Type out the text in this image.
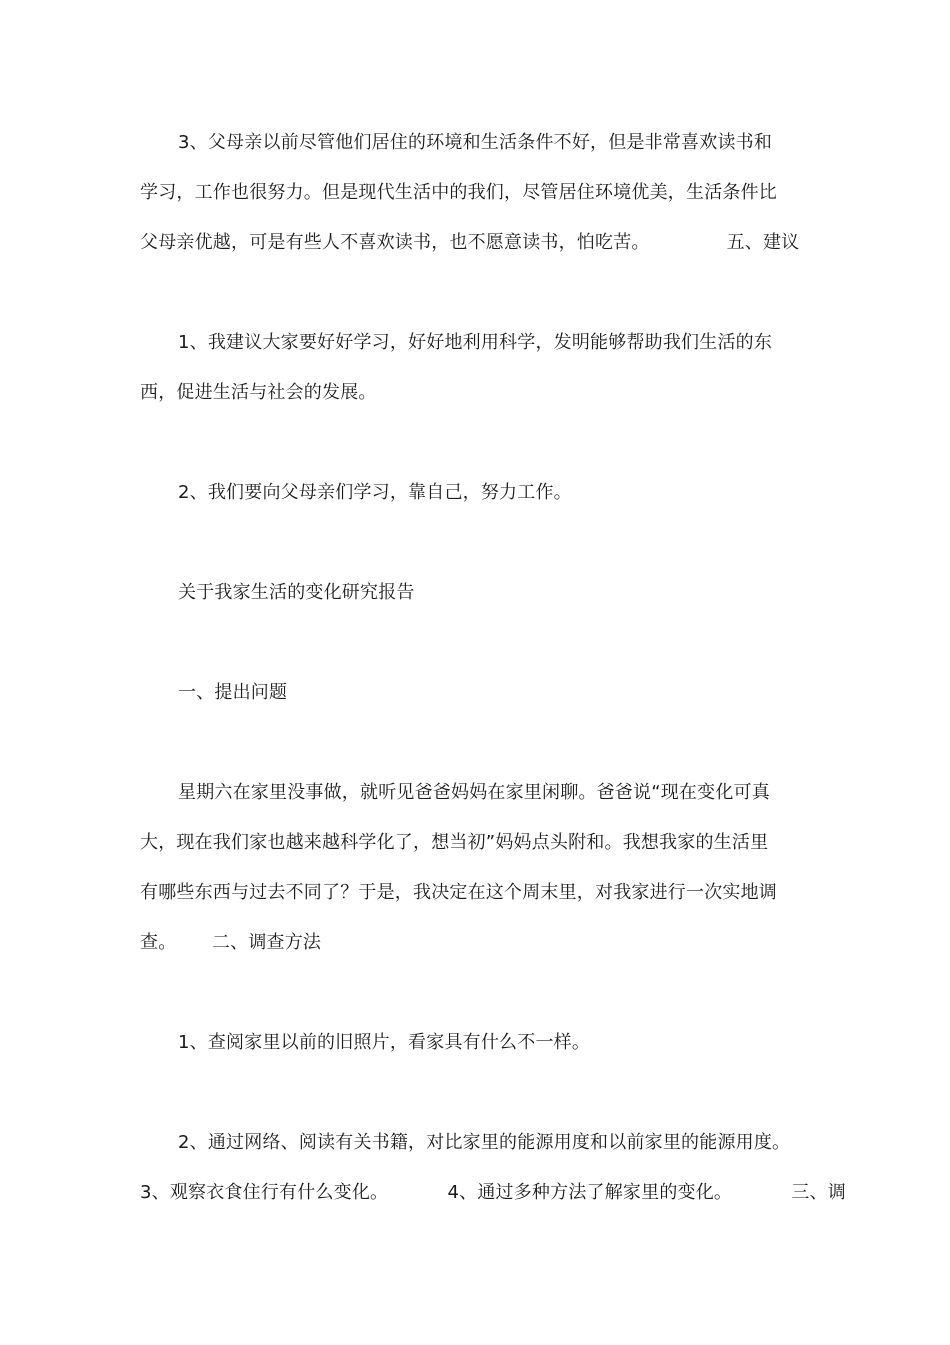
3、父母亲以前尽管他们居住的环境和生活条件不好，但是非常喜欢读书和
学习，工作也很努力。但是现代生活中的我们，尽管居住环境优美，生活条件比
父母亲优越，可是有些人不喜欢读书，也不愿意读书，怕吃苦。             五、建议
1、我建议大家要好好学习，好好地利用科学，发明能够帮助我们生活的东
西，促进生活与社会的发展。
2、我们要向父母亲们学习，靠自己，努力工作。
关于我家生活的变化研究报告
一、提出问题
星期六在家里没事做，就听见爸爸妈妈在家里闲聊。爸爸说“现在变化可真
大，现在我们家也越来越科学化了，想当初”妈妈点头附和。我想我家的生活里
有哪些东西与过去不同了？于是，我决定在这个周末里，对我家进行一次实地调
查。      二、调查方法
1、查阅家里以前的旧照片，看家具有什么不一样。
2、通过网络、阅读有关书籍，对比家里的能源用度和以前家里的能源用度。
3、观察衣食住行有什么变化。          4、通过多种方法了解家里的变化。          三、调
